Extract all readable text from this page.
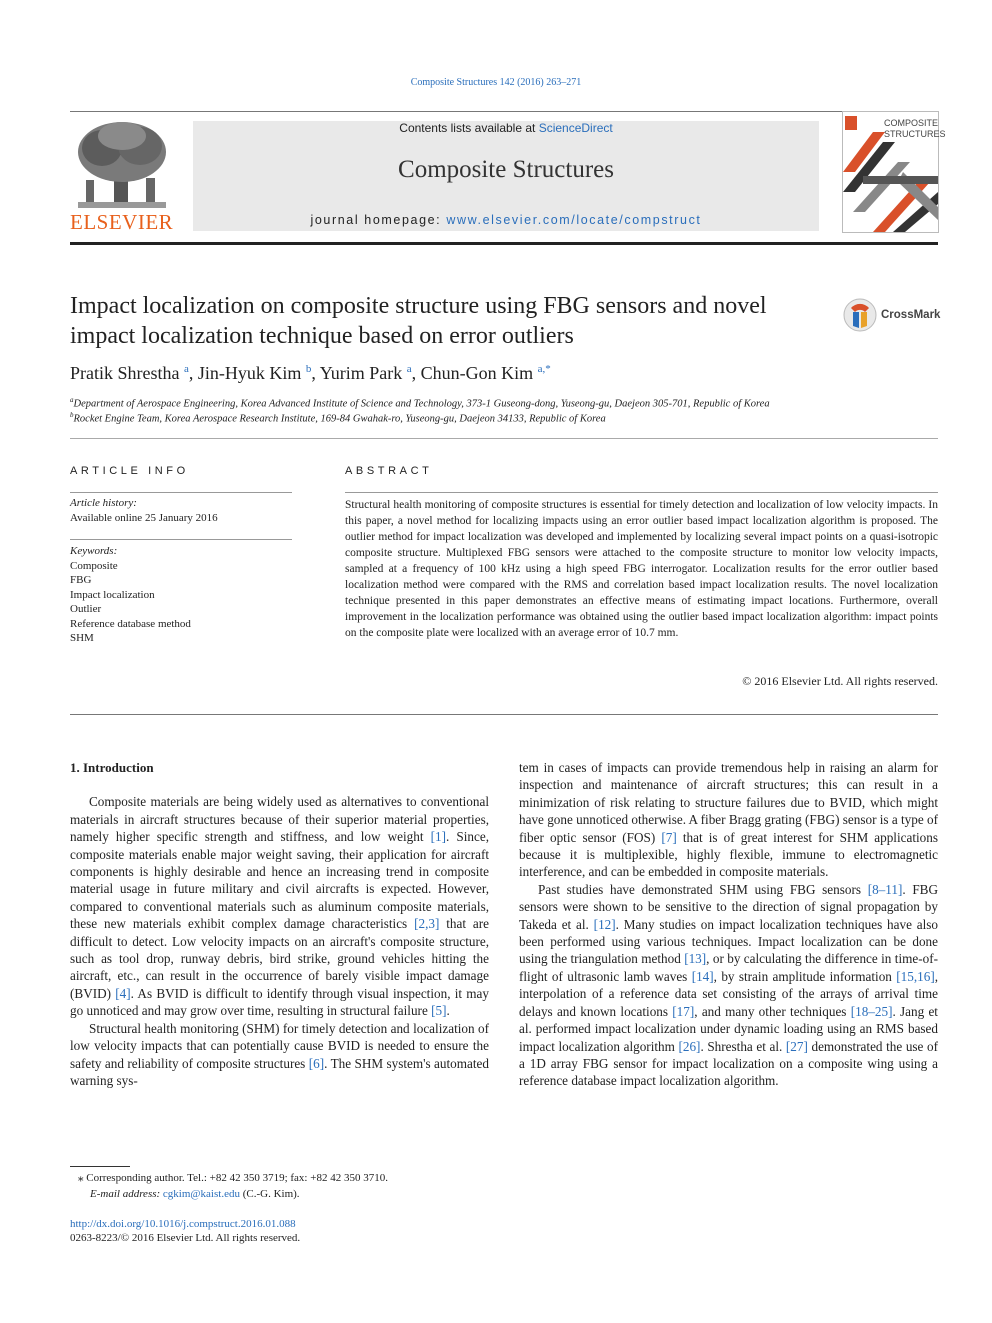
Composite Structures 142 (2016) 263–271
ELSEVIER
Contents lists available at ScienceDirect
Composite Structures
journal homepage: www.elsevier.com/locate/compstruct
COMPOSITE
STRUCTURES
Impact localization on composite structure using FBG sensors and novel impact localization technique based on error outliers
CrossMark
Pratik Shrestha $^a$, Jin-Hyuk Kim $^b$, Yurim Park $^a$, Chun-Gon Kim $^{a,*}$
$^a$Department of Aerospace Engineering, Korea Advanced Institute of Science and Technology, 373-1 Guseong-dong, Yuseong-gu, Daejeon 305-701, Republic of Korea
$^b$Rocket Engine Team, Korea Aerospace Research Institute, 169-84 Gwahak-ro, Yuseong-gu, Daejeon 34133, Republic of Korea
ARTICLE INFO
Article history:
Available online 25 January 2016
Keywords:
Composite
FBG
Impact localization
Outlier
Reference database method
SHM
ABSTRACT
Structural health monitoring of composite structures is essential for timely detection and localization of low velocity impacts. In this paper, a novel method for localizing impacts using an error outlier based impact localization algorithm is proposed. The outlier method for impact localization was developed and implemented by localizing several impact points on a quasi-isotropic composite structure. Multiplexed FBG sensors were attached to the composite structure to monitor low velocity impacts, sampled at a frequency of 100 kHz using a high speed FBG interrogator. Localization results for the error outlier based localization method were compared with the RMS and correlation based impact localization results. The novel localization technique presented in this paper demonstrates an effective means of estimating impact locations. Furthermore, overall improvement in the localization performance was obtained using the outlier based impact localization algorithm: impact points on the composite plate were localized with an average error of 10.7 mm.
© 2016 Elsevier Ltd. All rights reserved.

1. Introduction

Composite materials are being widely used as alternatives to conventional materials in aircraft structures because of their superior material properties, namely higher specific strength and stiffness, and low weight [1]. Since, composite materials enable major weight saving, their application for aircraft components is highly desirable and hence an increasing trend in composite material usage in future military and civil aircrafts is expected. However, compared to conventional materials such as aluminum composite materials, these new materials exhibit complex damage characteristics [2,3] that are difficult to detect. Low velocity impacts on an aircraft's composite structure, such as tool drop, runway debris, bird strike, ground vehicles hitting the aircraft, etc., can result in the occurrence of barely visible impact damage (BVID) [4]. As BVID is difficult to identify through visual inspection, it may go unnoticed and may grow over time, resulting in structural failure [5].

Structural health monitoring (SHM) for timely detection and localization of low velocity impacts that can potentially cause BVID is needed to ensure the safety and reliability of composite structures [6]. The SHM system's automated warning sys-

tem in cases of impacts can provide tremendous help in raising an alarm for inspection and maintenance of aircraft structures; this can result in a minimization of risk relating to structure failures due to BVID, which might have gone unnoticed otherwise. A fiber Bragg grating (FBG) sensor is a type of fiber optic sensor (FOS) [7] that is of great interest for SHM applications because it is multiplexible, highly flexible, immune to electromagnetic interference, and can be embedded in composite materials.

Past studies have demonstrated SHM using FBG sensors [8–11]. FBG sensors were shown to be sensitive to the direction of signal propagation by Takeda et al. [12]. Many studies on impact localization techniques have also been performed using various techniques. Impact localization can be done using the triangulation method [13], or by calculating the difference in time-of-flight of ultrasonic lamb waves [14], by strain amplitude information [15,16], interpolation of a reference data set consisting of the arrays of arrival time delays and known locations [17], and many other techniques [18–25]. Jang et al. performed impact localization under dynamic loading using an RMS based impact localization algorithm [26]. Shrestha et al. [27] demonstrated the use of a 1D array FBG sensor for impact localization on a composite wing using a reference database impact localization algorithm.

⁎ Corresponding author. Tel.: +82 42 350 3719; fax: +82 42 350 3710.
E-mail address: cgkim@kaist.edu (C.-G. Kim).
http://dx.doi.org/10.1016/j.compstruct.2016.01.088
0263-8223/© 2016 Elsevier Ltd. All rights reserved.
